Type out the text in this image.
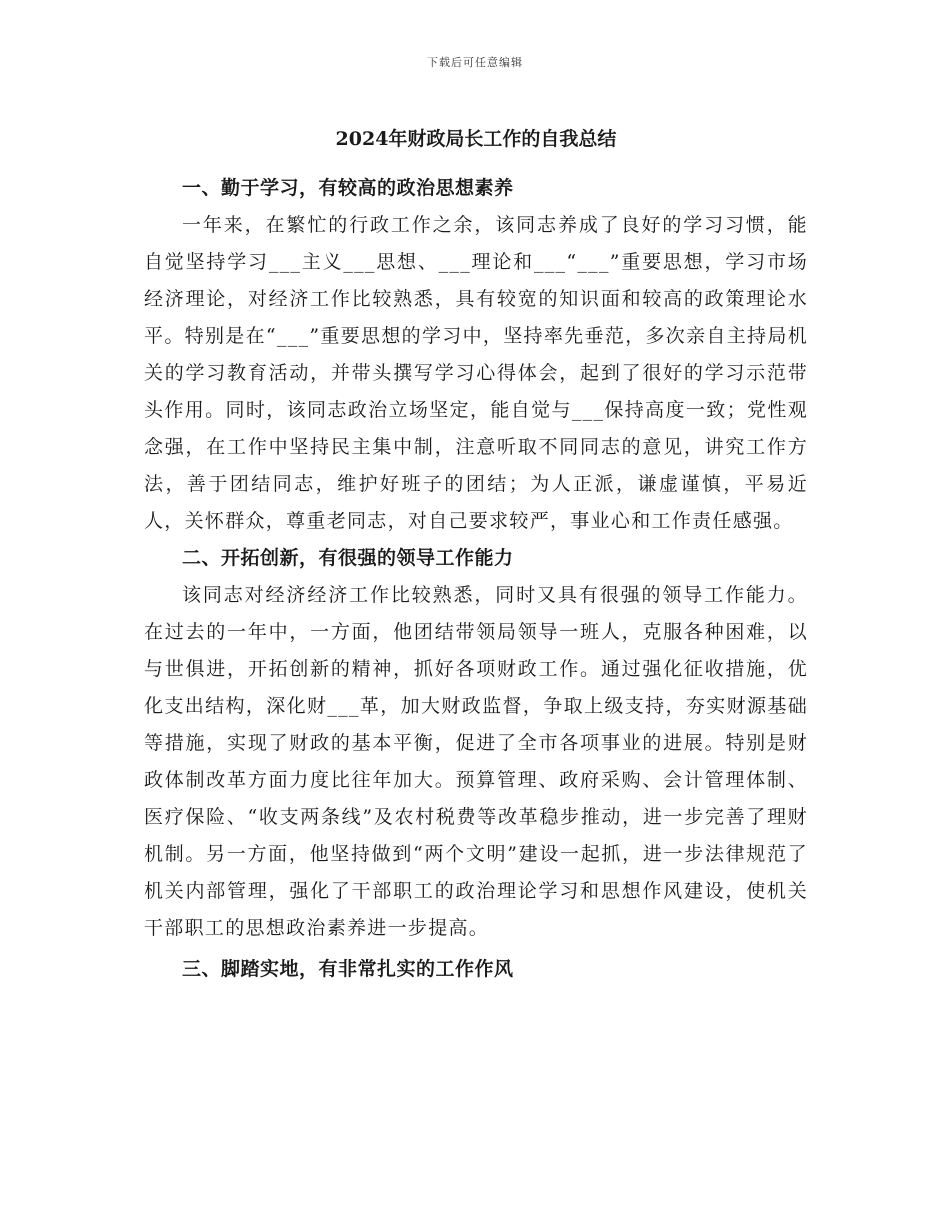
下载后可任意编辑
2024年财政局长工作的自我总结
一、勤于学习，有较高的政治思想素养

一年来，在繁忙的行政工作之余，该同志养成了良好的学习习惯，能自觉坚持学习___主义___思想、___理论和___“___”重要思想，学习市场经济理论，对经济工作比较熟悉，具有较宽的知识面和较高的政策理论水平。特别是在“___”重要思想的学习中，坚持率先垂范，多次亲自主持局机关的学习教育活动，并带头撰写学习心得体会，起到了很好的学习示范带头作用。同时，该同志政治立场坚定，能自觉与___保持高度一致；党性观念强，在工作中坚持民主集中制，注意听取不同同志的意见，讲究工作方法，善于团结同志，维护好班子的团结；为人正派，谦虚谨慎，平易近人，关怀群众，尊重老同志，对自己要求较严，事业心和工作责任感强。

二、开拓创新，有很强的领导工作能力

该同志对经济经济工作比较熟悉，同时又具有很强的领导工作能力。在过去的一年中，一方面，他团结带领局领导一班人，克服各种困难，以与世俱进，开拓创新的精神，抓好各项财政工作。通过强化征收措施，优化支出结构，深化财___革，加大财政监督，争取上级支持，夯实财源基础等措施，实现了财政的基本平衡，促进了全市各项事业的进展。特别是财政体制改革方面力度比往年加大。预算管理、政府采购、会计管理体制、医疗保险、“收支两条线”及农村税费等改革稳步推动，进一步完善了理财机制。另一方面，他坚持做到“两个文明”建设一起抓，进一步法律规范了机关内部管理，强化了干部职工的政治理论学习和思想作风建设，使机关干部职工的思想政治素养进一步提高。

三、脚踏实地，有非常扎实的工作作风
